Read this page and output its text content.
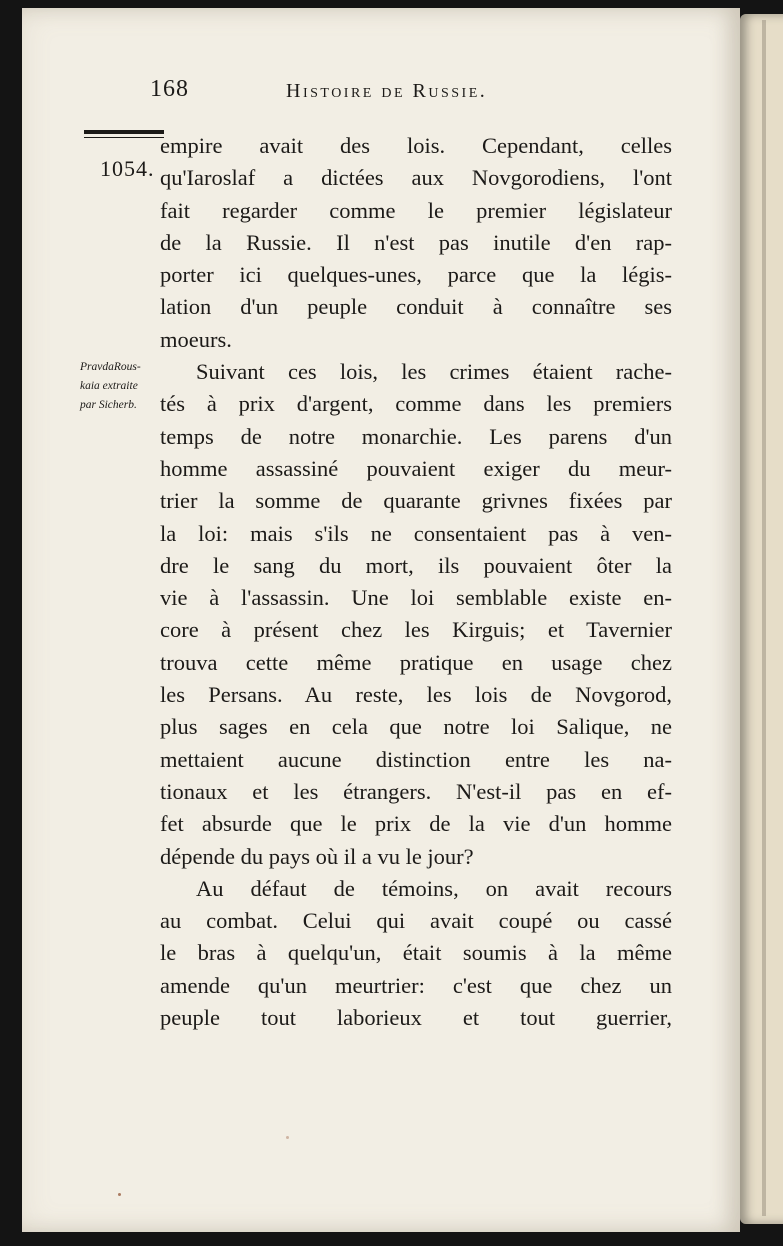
168	Histoire de Russie.
1054.
PravdaRous-
kaia extraite
par Sicherb.
empire avait des lois. Cependant, celles
qu'Iaroslaf a dictées aux Novgorodiens, l'ont
fait regarder comme le premier législateur
de la Russie. Il n'est pas inutile d'en rap-
porter ici quelques-unes, parce que la légis-
lation d'un peuple conduit à connaître ses
moeurs.
Suivant ces lois, les crimes étaient rache-
tés à prix d'argent, comme dans les premiers
temps de notre monarchie. Les parens d'un
homme assassiné pouvaient exiger du meur-
trier la somme de quarante grivnes fixées par
la loi: mais s'ils ne consentaient pas à ven-
dre le sang du mort, ils pouvaient ôter la
vie à l'assassin. Une loi semblable existe en-
core à présent chez les Kirguis; et Tavernier
trouva cette même pratique en usage chez
les Persans. Au reste, les lois de Novgorod,
plus sages en cela que notre loi Salique, ne
mettaient aucune distinction entre les na-
tionaux et les étrangers. N'est-il pas en ef-
fet absurde que le prix de la vie d'un homme
dépende du pays où il a vu le jour?
Au défaut de témoins, on avait recours
au combat. Celui qui avait coupé ou cassé
le bras à quelqu'un, était soumis à la même
amende qu'un meurtrier: c'est que chez un
peuple tout laborieux et tout guerrier,
